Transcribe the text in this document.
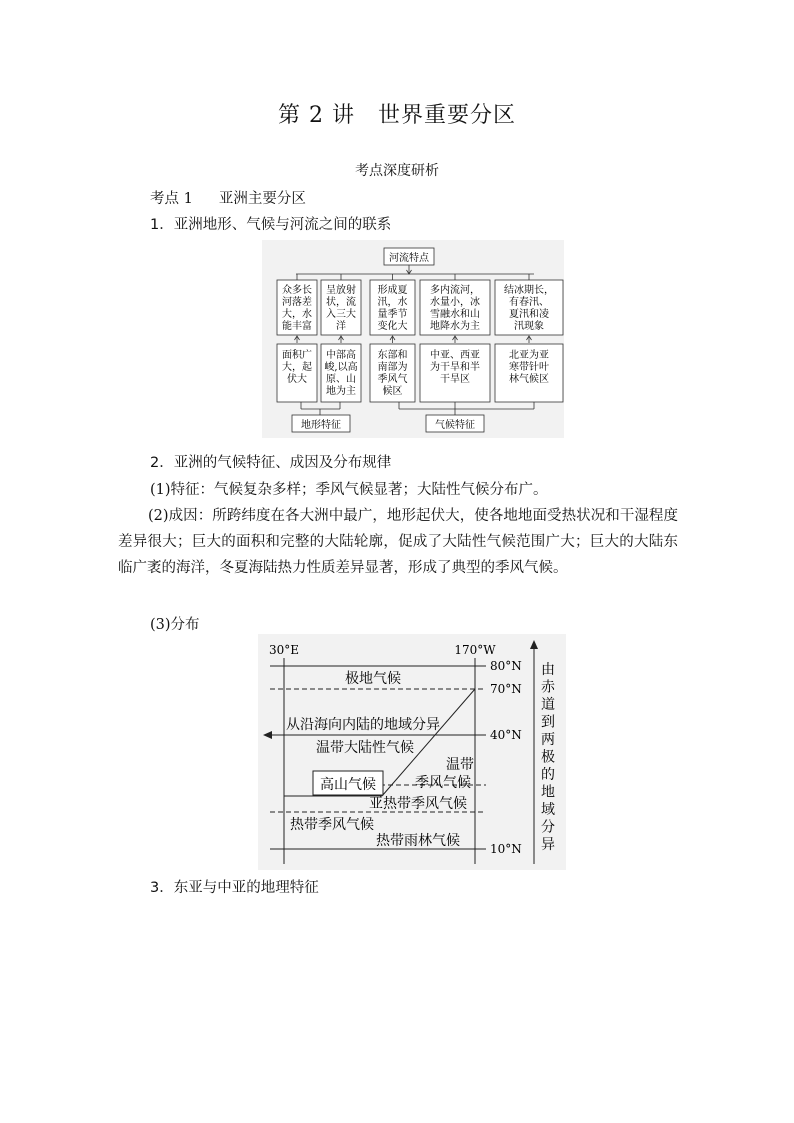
第 2 讲　世界重要分区
考点深度研析
考点 1 亚洲主要分区
1．亚洲地形、气候与河流之间的联系
河流特点
众多长
河落差
大，水
能丰富
呈放射
状，流
入三大
洋
形成夏
汛，水
量季节
变化大
多内流河，
水量小，冰
雪融水和山
地降水为主
结冰期长，
有春汛、
夏汛和凌
汛现象
面积广
大，起
伏大
中部高
峻,以高
原、山
地为主
东部和
南部为
季风气
候区
中亚、西亚
为干旱和半
干旱区
北亚为亚
寒带针叶
林气候区
地形特征	气候特征
2．亚洲的气候特征、成因及分布规律
(1)特征：气候复杂多样；季风气候显著；大陆性气候分布广。
(2)成因：所跨纬度在各大洲中最广，地形起伏大，使各地地面受热状况和干湿程度差异很大；巨大的面积和完整的大陆轮廓，促成了大陆性气候范围广大；巨大的大陆东临广袤的海洋，冬夏海陆热力性质差异显著，形成了典型的季风气候。
(3)分布
30°E	170°W
极地气候
从沿海向内陆的地域分异
温带大陆性气候
温带
季风气候
高山气候
亚热带季风气候
热带季风气候
热带雨林气候
80°N
70°N
40°N
10°N
由
赤
道
到
两
极
的
地
域
分
异
3．东亚与中亚的地理特征
